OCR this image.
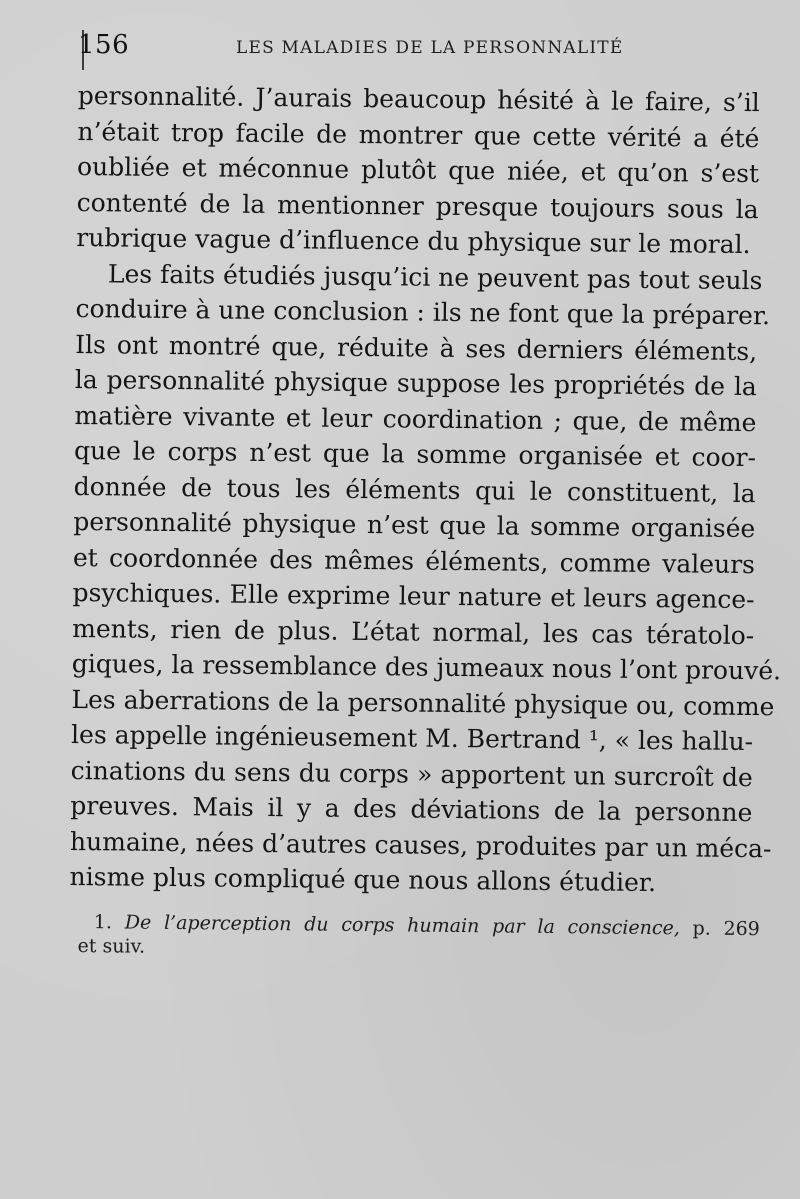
156	LES MALADIES DE LA PERSONNALITÉ
personnalité. J’aurais beaucoup hésité à le faire, s’il
n’était trop facile de montrer que cette vérité a été
oubliée et méconnue plutôt que niée, et qu’on s’est
contenté de la mentionner presque toujours sous la
rubrique vague d’influence du physique sur le moral.
Les faits étudiés jusqu’ici ne peuvent pas tout seuls
conduire à une conclusion : ils ne font que la préparer.
Ils ont montré que, réduite à ses derniers éléments,
la personnalité physique suppose les propriétés de la
matière vivante et leur coordination ; que, de même
que le corps n’est que la somme organisée et coor-
donnée de tous les éléments qui le constituent, la
personnalité physique n’est que la somme organisée
et coordonnée des mêmes éléments, comme valeurs
psychiques. Elle exprime leur nature et leurs agence-
ments, rien de plus. L’état normal, les cas tératolo-
giques, la ressemblance des jumeaux nous l’ont prouvé.
Les aberrations de la personnalité physique ou, comme
les appelle ingénieusement M. Bertrand ¹, « les hallu-
cinations du sens du corps » apportent un surcroît de
preuves. Mais il y a des déviations de la personne
humaine, nées d’autres causes, produites par un méca-
nisme plus compliqué que nous allons étudier.
1. De l’aperception du corps humain par la conscience, p. 269
et suiv.
